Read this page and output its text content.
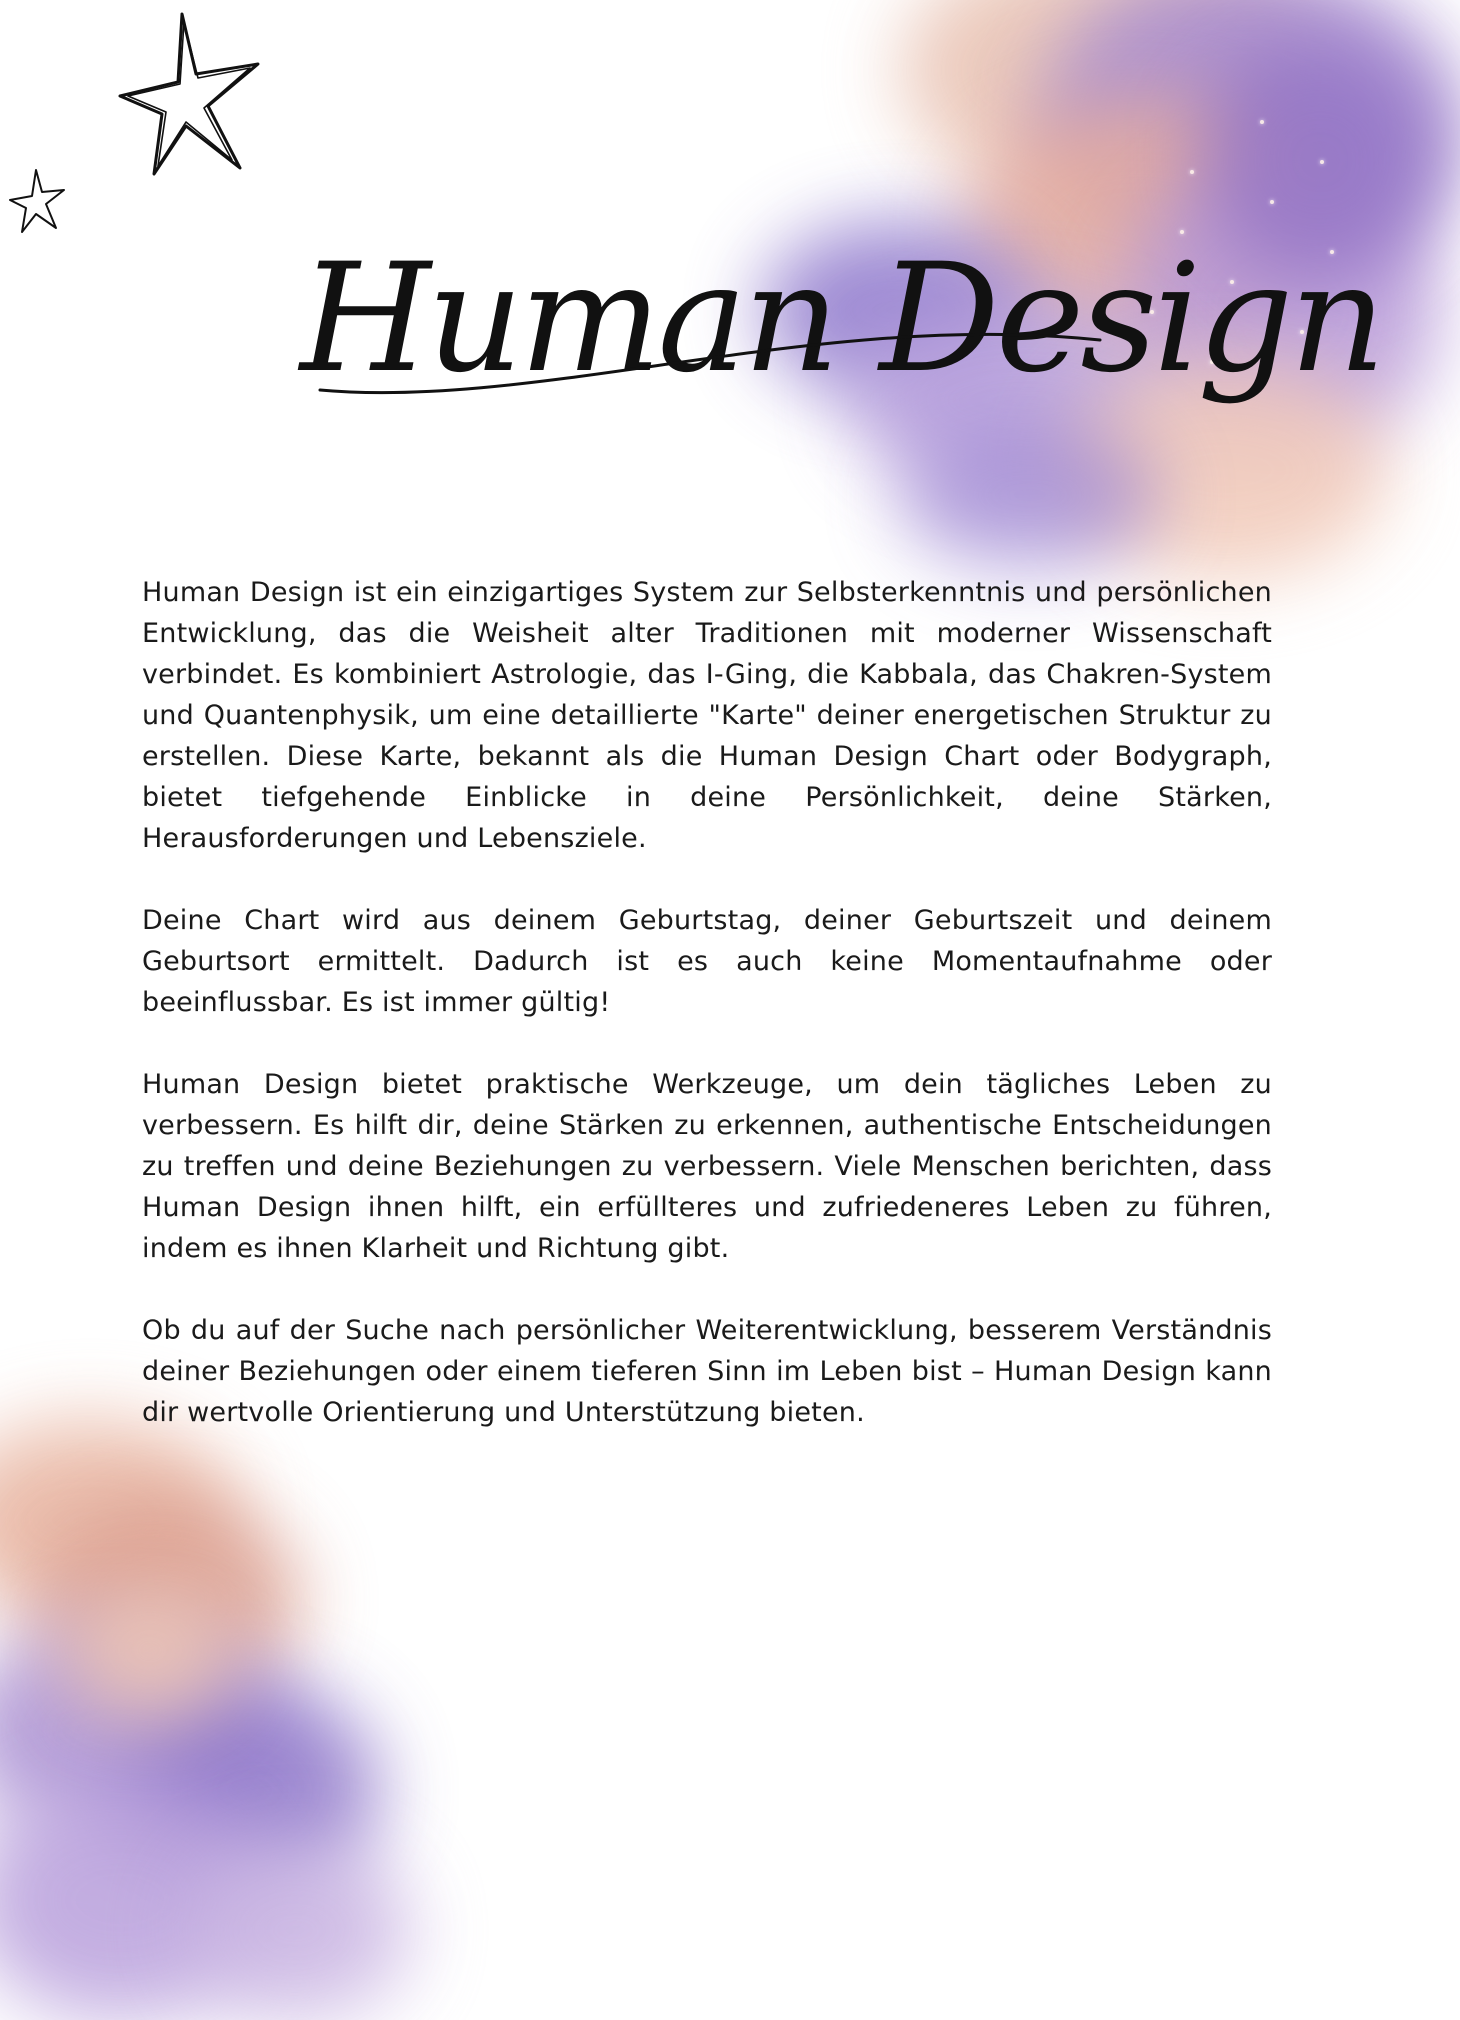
Human Design

Human Design ist ein einzigartiges System zur Selbsterkenntnis und persönlichen Entwicklung, das die Weisheit alter Traditionen mit moderner Wissenschaft verbindet. Es kombiniert Astrologie, das I-Ging, die Kabbala, das Chakren-System und Quantenphysik, um eine detaillierte "Karte" deiner energetischen Struktur zu erstellen. Diese Karte, bekannt als die Human Design Chart oder Bodygraph, bietet tiefgehende Einblicke in deine Persönlichkeit, deine Stärken, Herausforderungen und Lebensziele.

Deine Chart wird aus deinem Geburtstag, deiner Geburtszeit und deinem Geburtsort ermittelt. Dadurch ist es auch keine Momentaufnahme oder beeinflussbar. Es ist immer gültig!

Human Design bietet praktische Werkzeuge, um dein tägliches Leben zu verbessern. Es hilft dir, deine Stärken zu erkennen, authentische Entscheidungen zu treffen und deine Beziehungen zu verbessern. Viele Menschen berichten, dass Human Design ihnen hilft, ein erfüllteres und zufriedeneres Leben zu führen, indem es ihnen Klarheit und Richtung gibt.

Ob du auf der Suche nach persönlicher Weiterentwicklung, besserem Verständnis deiner Beziehungen oder einem tieferen Sinn im Leben bist – Human Design kann dir wertvolle Orientierung und Unterstützung bieten.
